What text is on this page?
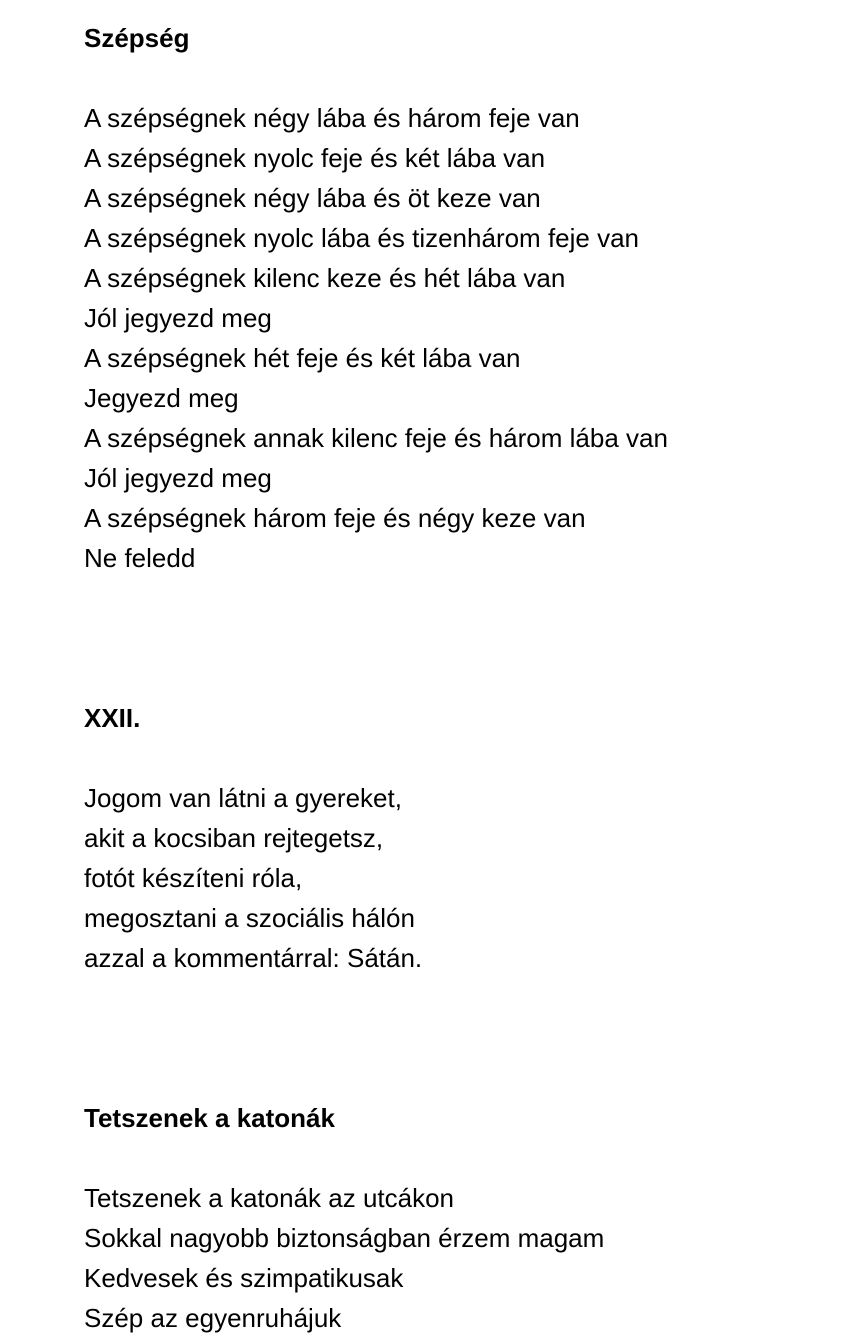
Szépség

A szépségnek négy lába és három feje van

A szépségnek nyolc feje és két lába van

A szépségnek négy lába és öt keze van

A szépségnek nyolc lába és tizenhárom feje van

A szépségnek kilenc keze és hét lába van

Jól jegyezd meg

A szépségnek hét feje és két lába van

Jegyezd meg

A szépségnek annak kilenc feje és három lába van

Jól jegyezd meg

A szépségnek három feje és négy keze van

Ne feledd

XXII.

Jogom van látni a gyereket,

akit a kocsiban rejtegetsz,

fotót készíteni róla,

megosztani a szociális hálón

azzal a kommentárral: Sátán.

Tetszenek a katonák

Tetszenek a katonák az utcákon

Sokkal nagyobb biztonságban érzem magam

Kedvesek és szimpatikusak

Szép az egyenruhájuk
